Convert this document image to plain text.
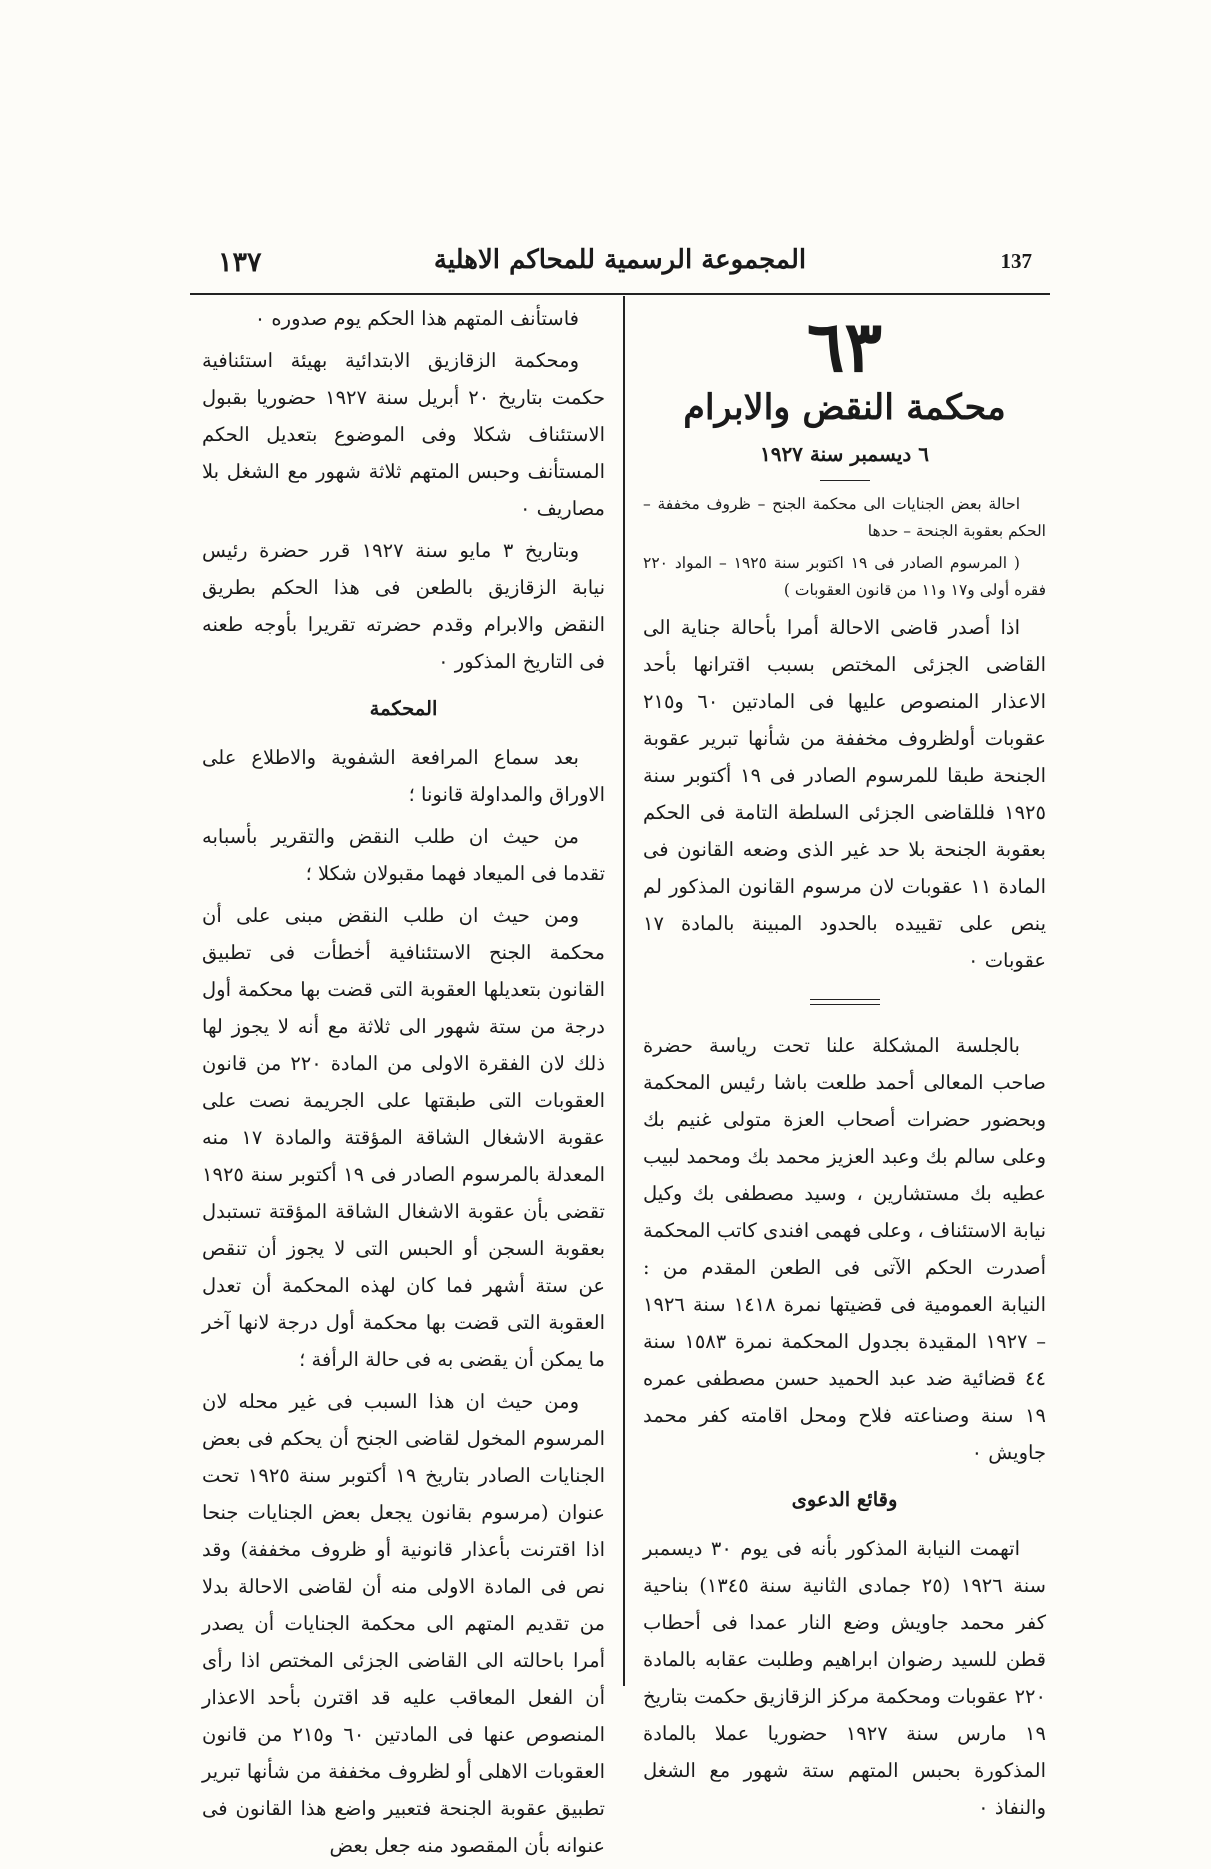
١٣٧	المجموعة الرسمية للمحاكم الاهلية	137
٦٣
محكمة النقض والابرام
٦ ديسمبر سنة ١٩٢٧

احالة بعض الجنايات الى محكمة الجنح – ظروف مخففة – الحكم بعقوبة الجنحة – حدها

( المرسوم الصادر فى ١٩ اكتوبر سنة ١٩٢٥ – المواد ٢٢٠ فقره أولى و١٧ و١١ من قانون العقوبات )

اذا أصدر قاضى الاحالة أمرا بأحالة جناية الى القاضى الجزئى المختص بسبب اقترانها بأحد الاعذار المنصوص عليها فى المادتين ٦٠ و٢١٥ عقوبات أولظروف مخففة من شأنها تبرير عقوبة الجنحة طبقا للمرسوم الصادر فى ١٩ أكتوبر سنة ١٩٢٥ فللقاضى الجزئى السلطة التامة فى الحكم بعقوبة الجنحة بلا حد غير الذى وضعه القانون فى المادة ١١ عقوبات لان مرسوم القانون المذكور لم ينص على تقييده بالحدود المبينة بالمادة ١٧ عقوبات ٠

بالجلسة المشكلة علنا تحت رياسة حضرة صاحب المعالى أحمد طلعت باشا رئيس المحكمة وبحضور حضرات أصحاب العزة متولى غنيم بك وعلى سالم بك وعبد العزيز محمد بك ومحمد لبيب عطيه بك مستشارين ، وسيد مصطفى بك وكيل نيابة الاستئناف ، وعلى فهمى افندى كاتب المحكمة أصدرت الحكم الآتى فى الطعن المقدم من : النيابة العمومية فى قضيتها نمرة ١٤١٨ سنة ١٩٢٦ – ١٩٢٧ المقيدة بجدول المحكمة نمرة ١٥٨٣ سنة ٤٤ قضائية ضد عبد الحميد حسن مصطفى عمره ١٩ سنة وصناعته فلاح ومحل اقامته كفر محمد جاويش ٠

وقائع الدعوى

اتهمت النيابة المذكور بأنه فى يوم ٣٠ ديسمبر سنة ١٩٢٦ (٢٥ جمادى الثانية سنة ١٣٤٥) بناحية كفر محمد جاويش وضع النار عمدا فى أحطاب قطن للسيد رضوان ابراهيم وطلبت عقابه بالمادة ٢٢٠ عقوبات ومحكمة مركز الزقازيق حكمت بتاريخ ١٩ مارس سنة ١٩٢٧ حضوريا عملا بالمادة المذكورة بحبس المتهم ستة شهور مع الشغل والنفاذ ٠

فاستأنف المتهم هذا الحكم يوم صدوره ٠

ومحكمة الزقازيق الابتدائية بهيئة استئنافية حكمت بتاريخ ٢٠ أبريل سنة ١٩٢٧ حضوريا بقبول الاستئناف شكلا وفى الموضوع بتعديل الحكم المستأنف وحبس المتهم ثلاثة شهور مع الشغل بلا مصاريف ٠

وبتاريخ ٣ مايو سنة ١٩٢٧ قرر حضرة رئيس نيابة الزقازيق بالطعن فى هذا الحكم بطريق النقض والابرام وقدم حضرته تقريرا بأوجه طعنه فى التاريخ المذكور ٠

المحكمة

بعد سماع المرافعة الشفوية والاطلاع على الاوراق والمداولة قانونا ؛

من حيث ان طلب النقض والتقرير بأسبابه تقدما فى الميعاد فهما مقبولان شكلا ؛

ومن حيث ان طلب النقض مبنى على أن محكمة الجنح الاستئنافية أخطأت فى تطبيق القانون بتعديلها العقوبة التى قضت بها محكمة أول درجة من ستة شهور الى ثلاثة مع أنه لا يجوز لها ذلك لان الفقرة الاولى من المادة ٢٢٠ من قانون العقوبات التى طبقتها على الجريمة نصت على عقوبة الاشغال الشاقة المؤقتة والمادة ١٧ منه المعدلة بالمرسوم الصادر فى ١٩ أكتوبر سنة ١٩٢٥ تقضى بأن عقوبة الاشغال الشاقة المؤقتة تستبدل بعقوبة السجن أو الحبس التى لا يجوز أن تنقص عن ستة أشهر فما كان لهذه المحكمة أن تعدل العقوبة التى قضت بها محكمة أول درجة لانها آخر ما يمكن أن يقضى به فى حالة الرأفة ؛

ومن حيث ان هذا السبب فى غير محله لان المرسوم المخول لقاضى الجنح أن يحكم فى بعض الجنايات الصادر بتاريخ ١٩ أكتوبر سنة ١٩٢٥ تحت عنوان (مرسوم بقانون يجعل بعض الجنايات جنحا اذا اقترنت بأعذار قانونية أو ظروف مخففة) وقد نص فى المادة الاولى منه أن لقاضى الاحالة بدلا من تقديم المتهم الى محكمة الجنايات أن يصدر أمرا باحالته الى القاضى الجزئى المختص اذا رأى أن الفعل المعاقب عليه قد اقترن بأحد الاعذار المنصوص عنها فى المادتين ٦٠ و٢١٥ من قانون العقوبات الاهلى أو لظروف مخففة من شأنها تبرير تطبيق عقوبة الجنحة فتعبير واضع هذا القانون فى عنوانه بأن المقصود منه جعل بعض
